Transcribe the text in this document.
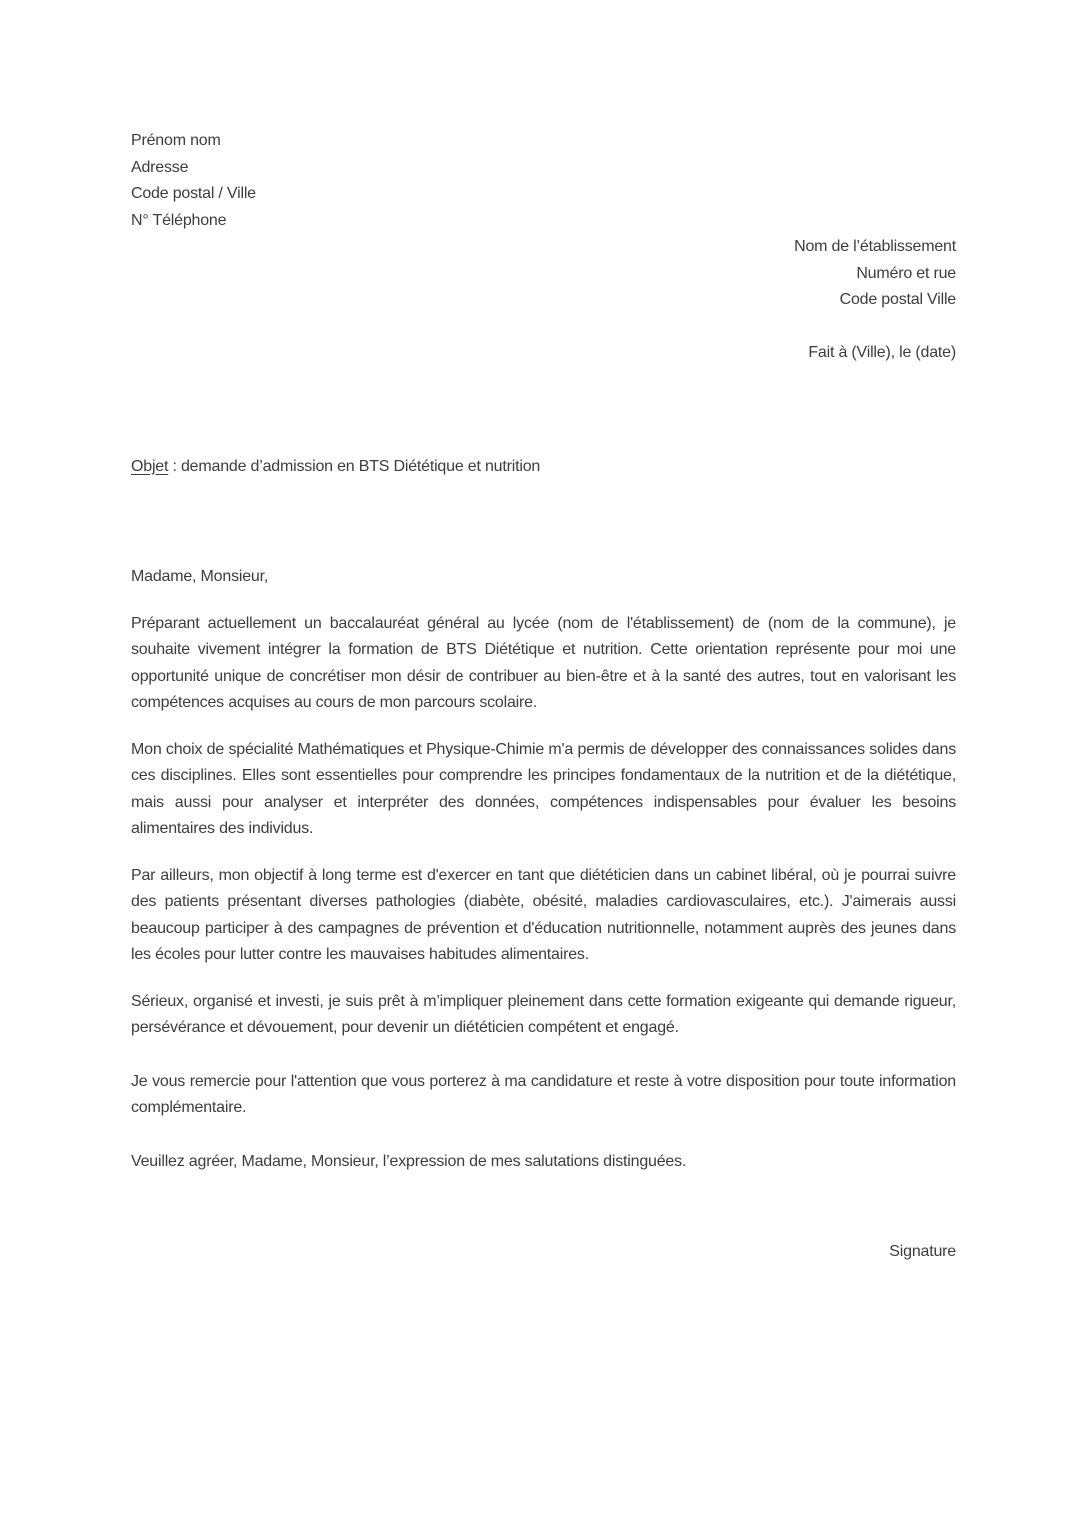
Prénom nom
Adresse
Code postal / Ville
N° Téléphone
Nom de l’établissement
Numéro et rue
Code postal Ville
Fait à (Ville), le (date)
Objet : demande d’admission en BTS Diététique et nutrition
Madame, Monsieur,

Préparant actuellement un baccalauréat général au lycée (nom de l'établissement) de (nom de la commune), je souhaite vivement intégrer la formation de BTS Diététique et nutrition. Cette orientation représente pour moi une opportunité unique de concrétiser mon désir de contribuer au bien-être et à la santé des autres, tout en valorisant les compétences acquises au cours de mon parcours scolaire.

Mon choix de spécialité Mathématiques et Physique-Chimie m'a permis de développer des connaissances solides dans ces disciplines. Elles sont essentielles pour comprendre les principes fondamentaux de la nutrition et de la diététique, mais aussi pour analyser et interpréter des données, compétences indispensables pour évaluer les besoins alimentaires des individus.

Par ailleurs, mon objectif à long terme est d'exercer en tant que diététicien dans un cabinet libéral, où je pourrai suivre des patients présentant diverses pathologies (diabète, obésité, maladies cardiovasculaires, etc.). J'aimerais aussi beaucoup participer à des campagnes de prévention et d'éducation nutritionnelle, notamment auprès des jeunes dans les écoles pour lutter contre les mauvaises habitudes alimentaires.

Sérieux, organisé et investi, je suis prêt à m’impliquer pleinement dans cette formation exigeante qui demande rigueur, persévérance et dévouement, pour devenir un diététicien compétent et engagé.

Je vous remercie pour l'attention que vous porterez à ma candidature et reste à votre disposition pour toute information complémentaire.

Veuillez agréer, Madame, Monsieur, l’expression de mes salutations distinguées.
Signature
